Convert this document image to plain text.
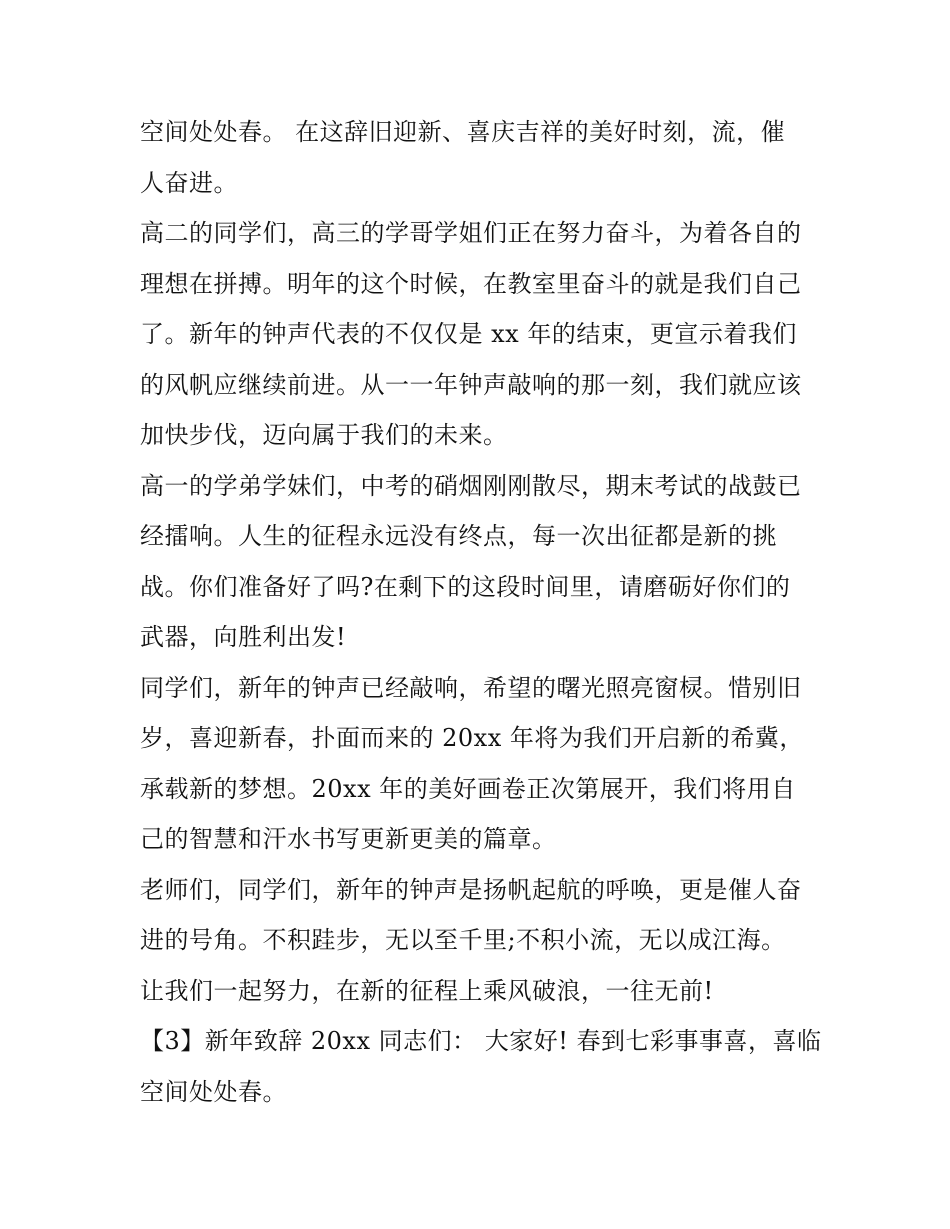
空间处处春。 在这辞旧迎新、喜庆吉祥的美好时刻，流，催
人奋进。
高二的同学们，高三的学哥学姐们正在努力奋斗，为着各自的
理想在拼搏。明年的这个时候，在教室里奋斗的就是我们自己
了。新年的钟声代表的不仅仅是 xx 年的结束，更宣示着我们
的风帆应继续前进。从一一年钟声敲响的那一刻，我们就应该
加快步伐，迈向属于我们的未来。
高一的学弟学妹们，中考的硝烟刚刚散尽，期末考试的战鼓已
经擂响。人生的征程永远没有终点，每一次出征都是新的挑
战。你们准备好了吗?在剩下的这段时间里，请磨砺好你们的
武器，向胜利出发!
同学们，新年的钟声已经敲响，希望的曙光照亮窗棂。惜别旧
岁，喜迎新春，扑面而来的 20xx 年将为我们开启新的希冀，
承载新的梦想。20xx 年的美好画卷正次第展开，我们将用自
己的智慧和汗水书写更新更美的篇章。
老师们，同学们，新年的钟声是扬帆起航的呼唤，更是催人奋
进的号角。不积跬步，无以至千里;不积小流，无以成江海。
让我们一起努力，在新的征程上乘风破浪，一往无前!
【3】新年致辞 20xx 同志们： 大家好! 春到七彩事事喜，喜临
空间处处春。
